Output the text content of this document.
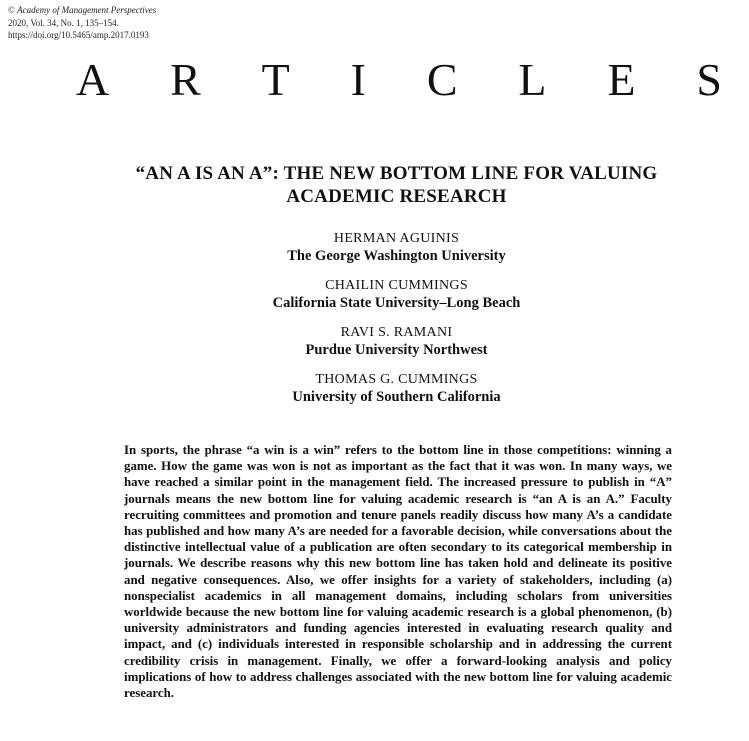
© Academy of Management Perspectives
2020, Vol. 34, No. 1, 135–154.
https://doi.org/10.5465/amp.2017.0193
A R T I C L E S
“AN A IS AN A”: THE NEW BOTTOM LINE FOR VALUING
ACADEMIC RESEARCH
HERMAN AGUINIS
The George Washington University
CHAILIN CUMMINGS
California State University–Long Beach
RAVI S. RAMANI
Purdue University Northwest
THOMAS G. CUMMINGS
University of Southern California
In sports, the phrase “a win is a win” refers to the bottom line in those competitions: winning a game. How the game was won is not as important as the fact that it was won. In many ways, we have reached a similar point in the management field. The increased pressure to publish in “A” journals means the new bottom line for valuing academic research is “an A is an A.” Faculty recruiting committees and promotion and tenure panels readily discuss how many A’s a candidate has published and how many A’s are needed for a favorable decision, while conversations about the distinctive intellectual value of a publication are often secondary to its categorical membership in journals. We describe reasons why this new bottom line has taken hold and delineate its positive and negative consequences. Also, we offer insights for a variety of stakeholders, including (a) nonspecialist academics in all management domains, including scholars from universities worldwide because the new bottom line for valuing academic research is a global phenomenon, (b) university administrators and funding agencies interested in evaluating research quality and impact, and (c) individuals interested in responsible scholarship and in addressing the current credibility crisis in management. Finally, we offer a forward-looking analysis and policy implications of how to address challenges associated with the new bottom line for valuing academic research.
